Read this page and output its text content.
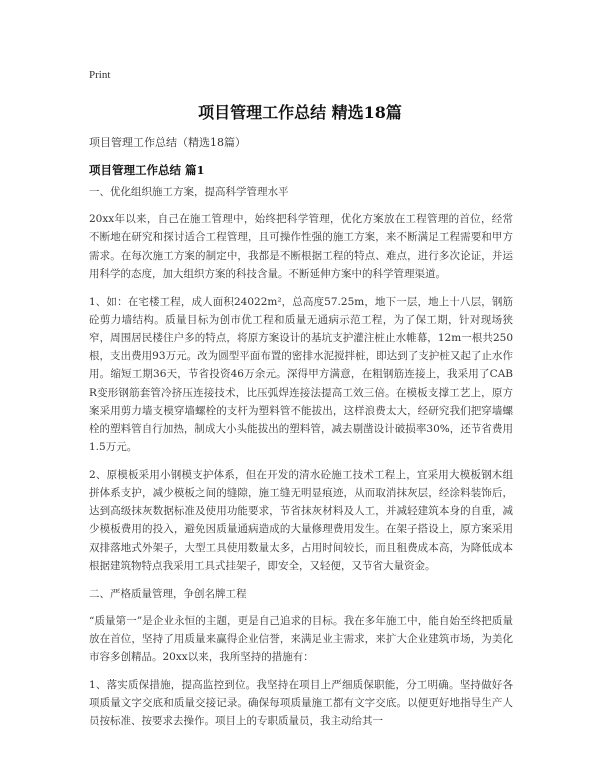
Print
项目管理工作总结 精选18篇
项目管理工作总结（精选18篇）
项目管理工作总结 篇1

一、优化组织施工方案，提高科学管理水平

20xx年以来，自己在施工管理中，始终把科学管理，优化方案放在工程管理的首位，经常不断地在研究和探讨适合工程管理，且可操作性强的施工方案，来不断满足工程需要和甲方需求。在每次施工方案的制定中，我都是不断根据工程的特点、难点，进行多次论证，并运用科学的态度，加大组织方案的科技含量。不断延伸方案中的科学管理渠道。

1、如：在宅楼工程，成人面积24022m²，总高度57.25m，地下一层，地上十八层，钢筋砼剪力墙结构。质量目标为创市优工程和质量无通病示范工程，为了保工期，针对现场狭窄，周围居民楼住户多的特点，将原方案设计的基坑支护灌注桩止水帷幕，12m一根共250根，支出费用93万元。改为圆型平面布置的密排水泥搅拌桩，即达到了支护桩又起了止水作用。缩短工期36天，节省投资46万余元。深得甲方满意，在粗钢筋连接上，我采用了CABR变形钢筋套管冷挤压连接技术，比压弧焊连接法提高工效三倍。在模板支撑工艺上，原方案采用剪力墙支模穿墙螺栓的支杆为塑料管不能拔出，这样浪费太大，经研究我们把穿墙螺栓的塑料管自行加热，制成大小头能拔出的塑料管，减去剔凿设计破损率30%，还节省费用1.5万元。

2、原模板采用小钢模支护体系，但在开发的清水砼施工技术工程上，宜采用大模板钢木组拼体系支护，减少模板之间的缝隙，施工缝无明显痕迹，从而取消抹灰层，经涂料装饰后，达到高级抹灰数据标准及使用功能要求，节省抹灰材料及人工，并减轻建筑本身的自重，减少模板费用的投入，避免因质量通病造成的大量修理费用发生。在架子搭设上，原方案采用双排落地式外架子，大型工具使用数量太多，占用时间较长，而且租费成本高，为降低成本根据建筑物特点我采用工具式挂架子，即安全，又轻便，又节省大量资金。

二、严格质量管理，争创名牌工程

“质量第一”是企业永恒的主题，更是自己追求的目标。我在多年施工中，能自始至终把质量放在首位，坚持了用质量来赢得企业信誉，来满足业主需求，来扩大企业建筑市场，为美化市容多创精品。20xx以来，我所坚持的措施有：

1、落实质保措施，提高监控到位。我坚持在项目上严细质保职能，分工明确。坚持做好各项质量文字交底和质量交接记录。确保每项质量施工都有文字交底。以便更好地指导生产人员按标准、按要求去操作。项目上的专职质量员，我主动给其一
